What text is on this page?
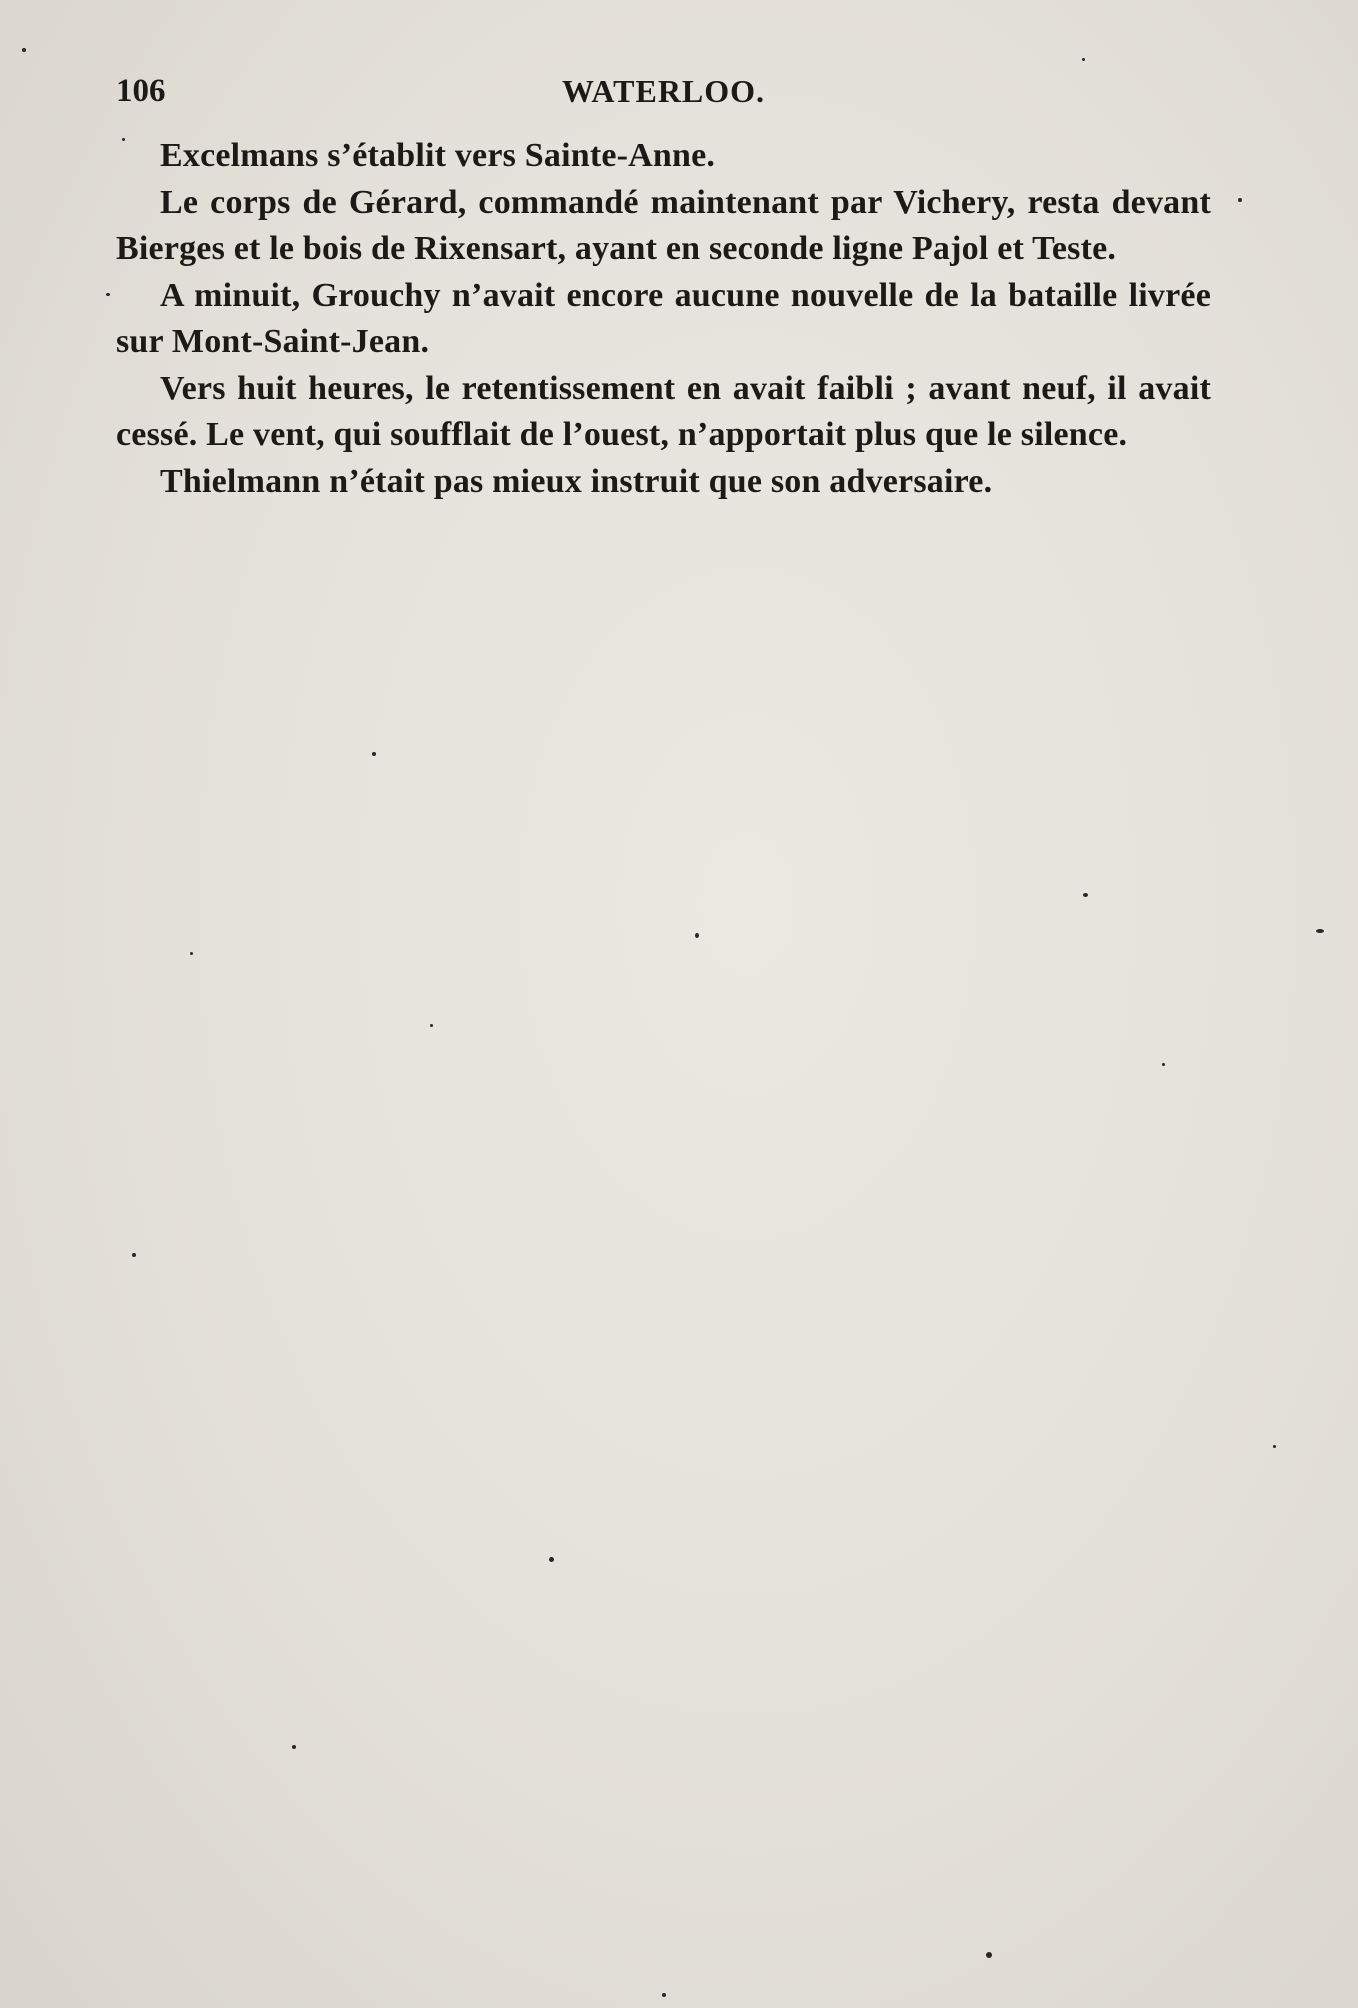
106	WATERLOO.

Excelmans s’établit vers Sainte-Anne.

Le corps de Gérard, commandé maintenant par Vichery, resta devant Bierges et le bois de Rixensart, ayant en seconde ligne Pajol et Teste.

A minuit, Grouchy n’avait encore aucune nouvelle de la bataille livrée sur Mont-Saint-Jean.

Vers huit heures, le retentissement en avait faibli ; avant neuf, il avait cessé. Le vent, qui soufflait de l’ouest, n’apportait plus que le silence.

Thielmann n’était pas mieux instruit que son adversaire.
